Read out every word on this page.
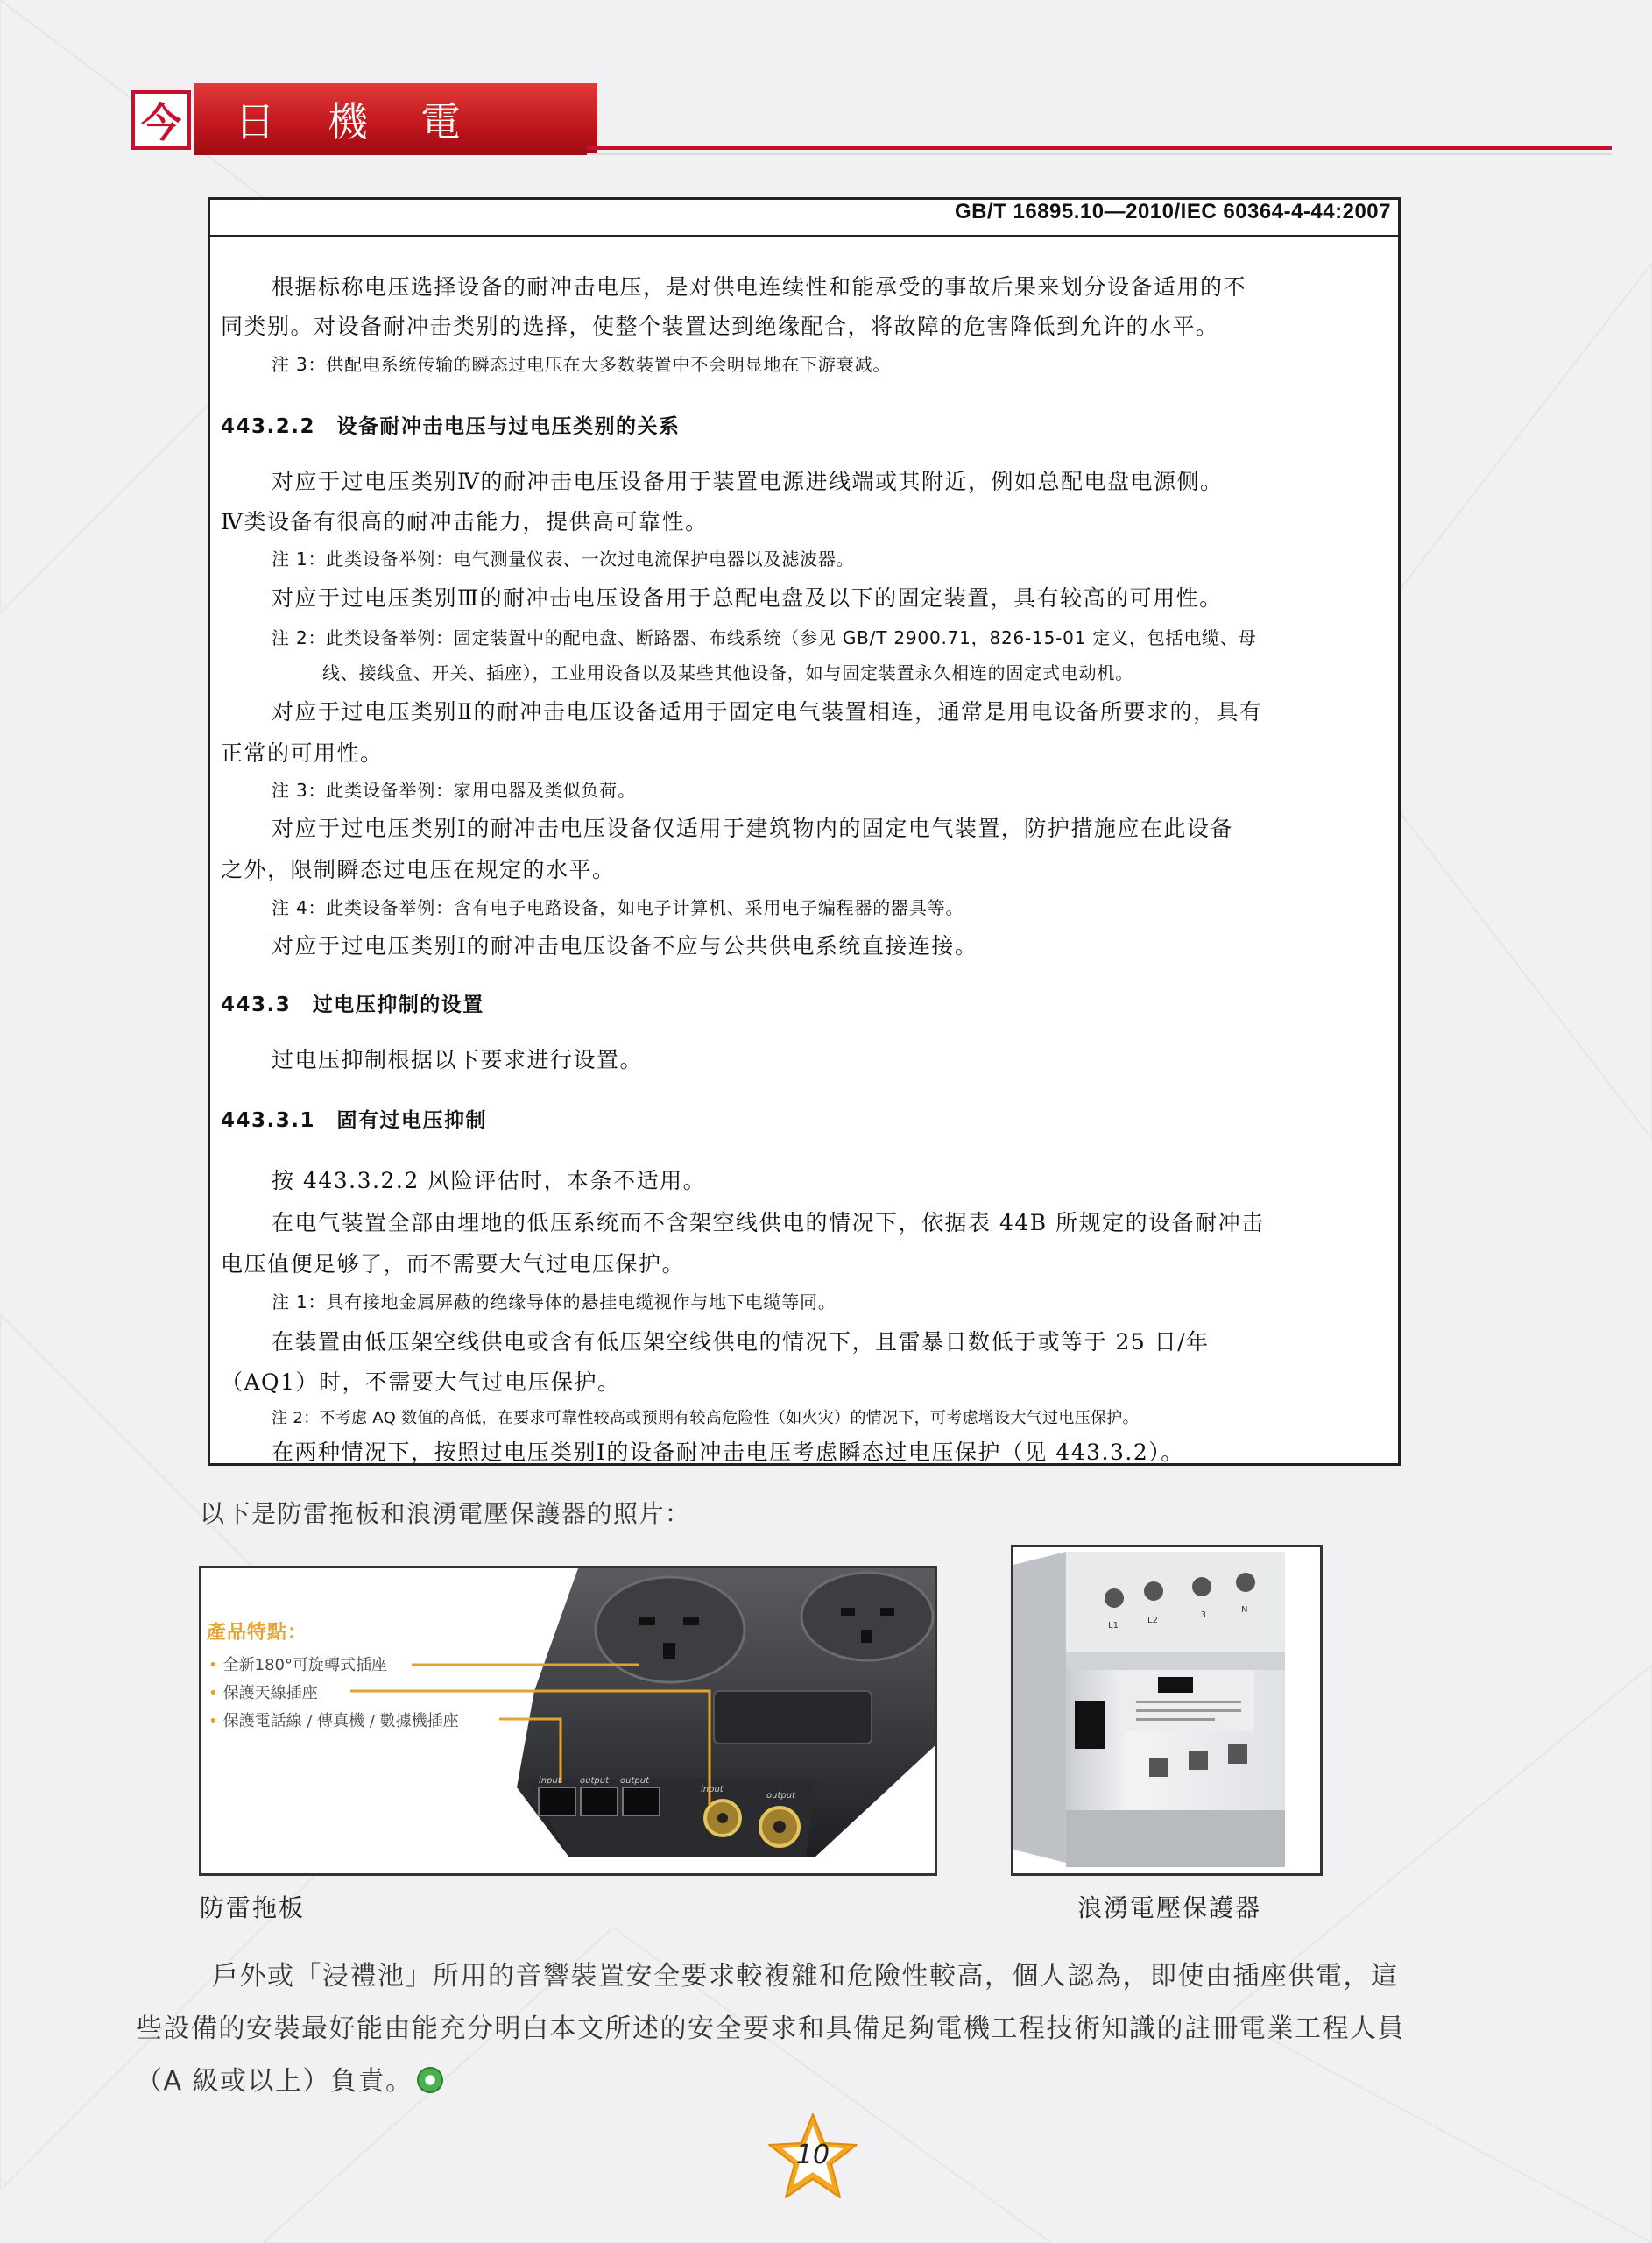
今 日機電
GB/T 16895.10—2010/IEC 60364-4-44:2007
根据标称电压选择设备的耐冲击电压，是对供电连续性和能承受的事故后果来划分设备适用的不
同类别。对设备耐冲击类别的选择，使整个装置达到绝缘配合，将故障的危害降低到允许的水平。
注 3：供配电系统传输的瞬态过电压在大多数装置中不会明显地在下游衰减。
443.2.2　设备耐冲击电压与过电压类别的关系
对应于过电压类别Ⅳ的耐冲击电压设备用于装置电源进线端或其附近，例如总配电盘电源侧。
Ⅳ类设备有很高的耐冲击能力，提供高可靠性。
注 1：此类设备举例：电气测量仪表、一次过电流保护电器以及滤波器。
对应于过电压类别Ⅲ的耐冲击电压设备用于总配电盘及以下的固定装置，具有较高的可用性。
注 2：此类设备举例：固定装置中的配电盘、断路器、布线系统（参见 GB/T 2900.71，826-15-01 定义，包括电缆、母
线、接线盒、开关、插座），工业用设备以及某些其他设备，如与固定装置永久相连的固定式电动机。
对应于过电压类别Ⅱ的耐冲击电压设备适用于固定电气装置相连，通常是用电设备所要求的，具有
正常的可用性。
注 3：此类设备举例：家用电器及类似负荷。
对应于过电压类别Ⅰ的耐冲击电压设备仅适用于建筑物内的固定电气装置，防护措施应在此设备
之外，限制瞬态过电压在规定的水平。
注 4：此类设备举例：含有电子电路设备，如电子计算机、采用电子编程器的器具等。
对应于过电压类别Ⅰ的耐冲击电压设备不应与公共供电系统直接连接。
443.3　过电压抑制的设置
过电压抑制根据以下要求进行设置。
443.3.1　固有过电压抑制
按 443.3.2.2 风险评估时，本条不适用。
在电气装置全部由埋地的低压系统而不含架空线供电的情况下，依据表 44B 所规定的设备耐冲击
电压值便足够了，而不需要大气过电压保护。
注 1：具有接地金属屏蔽的绝缘导体的悬挂电缆视作与地下电缆等同。
在装置由低压架空线供电或含有低压架空线供电的情况下，且雷暴日数低于或等于 25 日/年
（AQ1）时，不需要大气过电压保护。
注 2：不考虑 AQ 数值的高低，在要求可靠性较高或预期有较高危险性（如火灾）的情况下，可考虑增设大气过电压保护。
在两种情况下，按照过电压类别Ⅰ的设备耐冲击电压考虑瞬态过电压保护（见 443.3.2）。
以下是防雷拖板和浪湧電壓保護器的照片：
input output output
input
output
產品特點：
• 全新180°可旋轉式插座
• 保護天線插座
• 保護電話線 / 傳真機 / 數據機插座
防雷拖板
L1
L2
L3
N
浪湧電壓保護器
戶外或「浸禮池」所用的音響裝置安全要求較複雜和危險性較高，個人認為，即使由插座供電，這
些設備的安裝最好能由能充分明白本文所述的安全要求和具備足夠電機工程技術知識的註冊電業工程人員
（A 級或以上）負責。
10
